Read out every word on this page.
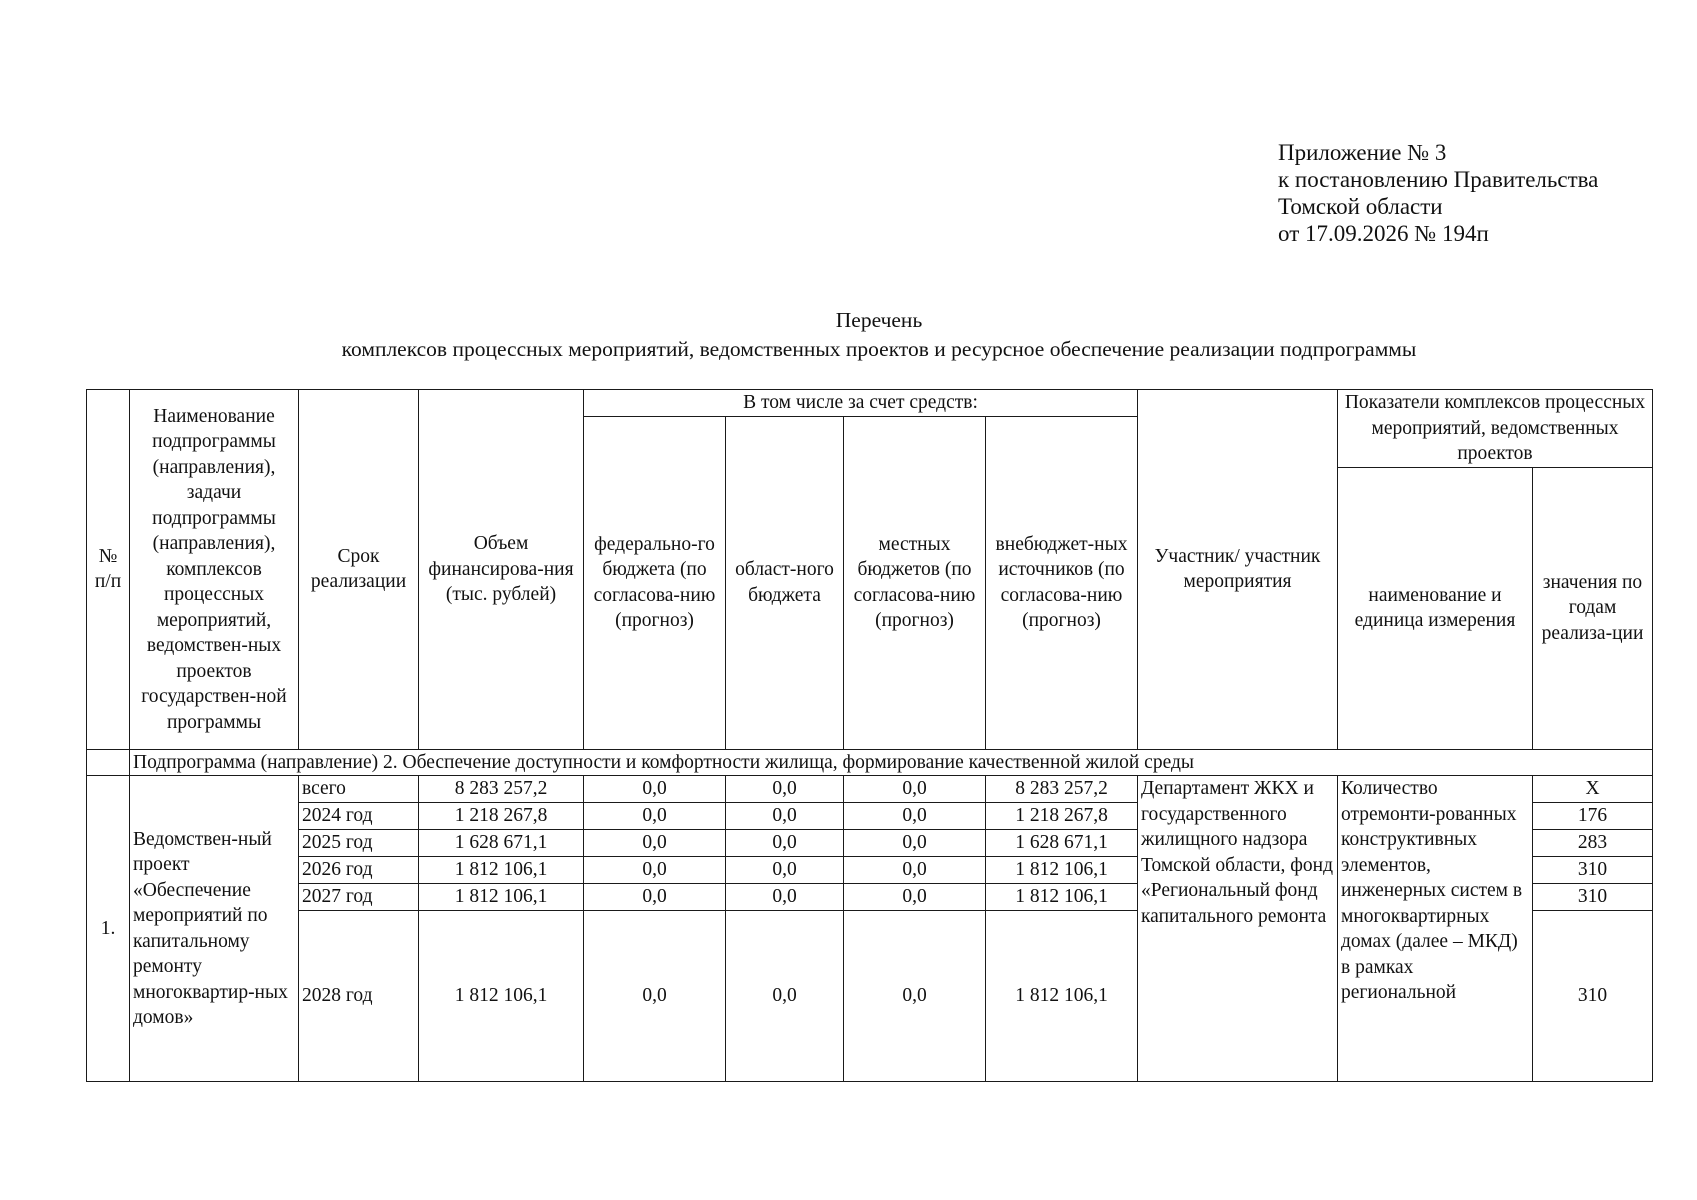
Приложение № 3
к постановлению Правительства
Томской области
от 17.09.2026 № 194п
Перечень
комплексов процессных мероприятий, ведомственных проектов и ресурсное обеспечение реализации подпрограммы
№ п/п	Наименование подпрограммы (направления), задачи подпрограммы (направления), комплексов процессных мероприятий, ведомствен-ных проектов государствен-ной программы	Срок реализации	Объем финансирова-ния (тыс. рублей)	В том числе за счет средств:				Участник/ участник мероприятия	Показатели комплексов процессных мероприятий, ведомственных проектов	
				федерально-го бюджета (по согласова-нию (прогноз)	област-ного бюджета	местных бюджетов (по согласова-нию (прогноз)	внебюджет-ных источников (по согласова-нию (прогноз)			
									наименование и единица измерения	значения по годам реализа-ции
	Подпрограмма (направление) 2. Обеспечение доступности и комфортности жилища, формирование качественной жилой среды									
1.	Ведомствен-ный проект «Обеспечение мероприятий по капитальному ремонту многоквартир-ных домов»	всего	8 283 257,2	0,0	0,0	0,0	8 283 257,2	Департамент ЖКХ и государственного жилищного надзора Томской области, фонд «Региональный фонд капитального ремонта	Количество отремонти-рованных конструктивных элементов, инженерных систем в многоквартирных домах (далее – МКД) в рамках региональной	Х
		2024 год	1 218 267,8	0,0	0,0	0,0	1 218 267,8			176
		2025 год	1 628 671,1	0,0	0,0	0,0	1 628 671,1			283
		2026 год	1 812 106,1	0,0	0,0	0,0	1 812 106,1			310
		2027 год	1 812 106,1	0,0	0,0	0,0	1 812 106,1			310
		2028 год	1 812 106,1	0,0	0,0	0,0	1 812 106,1			310
